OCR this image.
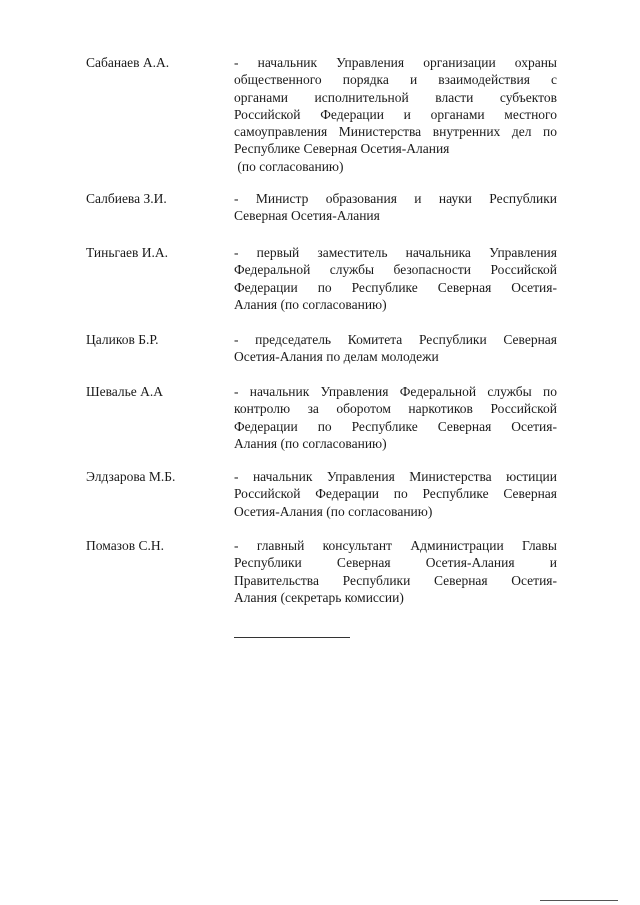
Сабанаев А.А.	- начальник Управления организации охраны
общественного порядка и взаимодействия с
органами исполнительной власти субъектов
Российской Федерации и органами местного
самоуправления Министерства внутренних дел по
Республике Северная Осетия-Алания
(по согласованию)
Салбиева З.И.	- Министр образования и науки Республики
Северная Осетия-Алания
Тиньгаев И.А.	- первый заместитель начальника Управления
Федеральной службы безопасности Российской
Федерации по Республике Северная Осетия-
Алания (по согласованию)
Цаликов Б.Р.	- председатель Комитета Республики Северная
Осетия-Алания по делам молодежи
Шевалье А.А	- начальник Управления Федеральной службы по
контролю за оборотом наркотиков Российской
Федерации по Республике Северная Осетия-
Алания (по согласованию)
Элдзарова М.Б.	- начальник Управления Министерства юстиции
Российской Федерации по Республике Северная
Осетия-Алания (по согласованию)
Помазов С.Н.	- главный консультант Администрации Главы
Республики Северная Осетия-Алания и
Правительства Республики Северная Осетия-
Алания (секретарь комиссии)
